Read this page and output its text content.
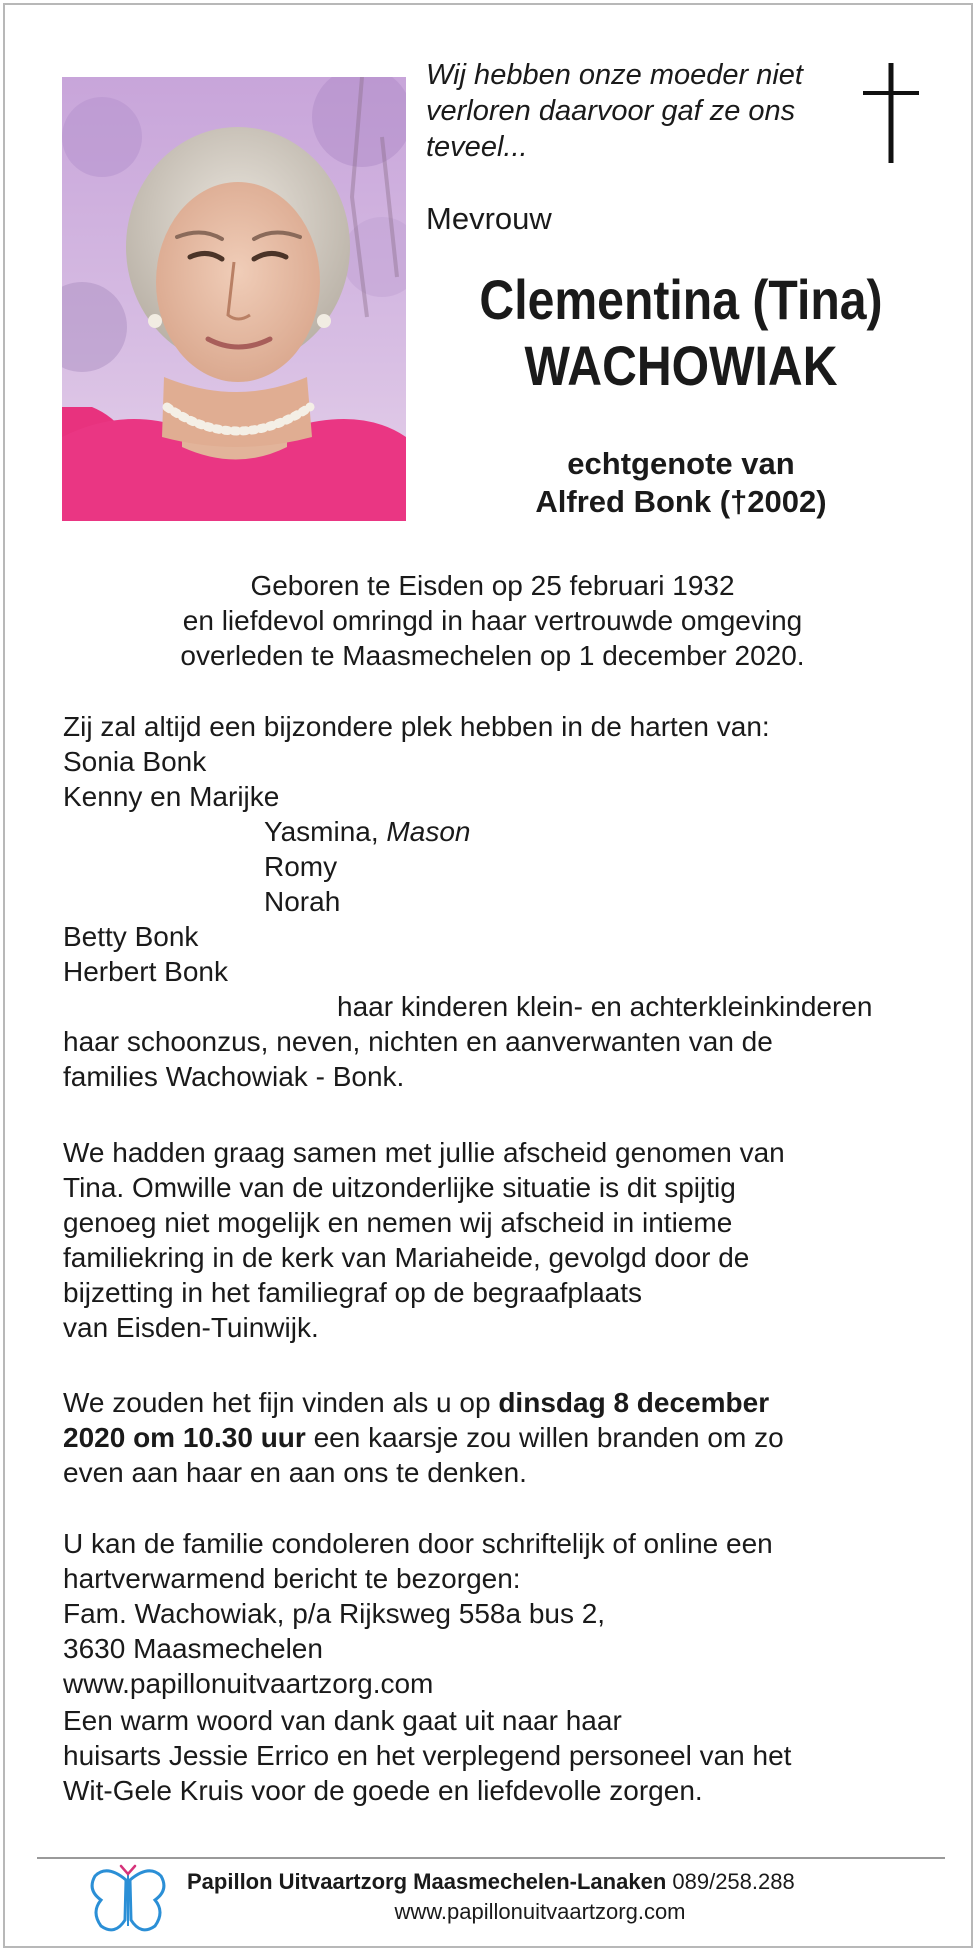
Wij hebben onze moeder niet
verloren daarvoor gaf ze ons
teveel...
Mevrouw
Clementina (Tina)
WACHOWIAK
echtgenote van
Alfred Bonk (†2002)
Geboren te Eisden op 25 februari 1932
en liefdevol omringd in haar vertrouwde omgeving
overleden te Maasmechelen op 1 december 2020.
Zij zal altijd een bijzondere plek hebben in de harten van:
Sonia Bonk
Kenny en Marijke
Yasmina, Mason
Romy
Norah
Betty Bonk
Herbert Bonk
haar kinderen klein- en achterkleinkinderen
haar schoonzus, neven, nichten en aanverwanten van de
families Wachowiak - Bonk.
We hadden graag samen met jullie afscheid genomen van
Tina. Omwille van de uitzonderlijke situatie is dit spijtig
genoeg niet mogelijk en nemen wij afscheid in intieme
familiekring in de kerk van Mariaheide, gevolgd door de
bijzetting in het familiegraf op de begraafplaats
van Eisden-Tuinwijk.
We zouden het fijn vinden als u op dinsdag 8 december
2020 om 10.30 uur een kaarsje zou willen branden om zo
even aan haar en aan ons te denken.
U kan de familie condoleren door schriftelijk of online een
hartverwarmend bericht te bezorgen:
Fam. Wachowiak, p/a Rijksweg 558a bus 2,
3630 Maasmechelen
www.papillonuitvaartzorg.com
Een warm woord van dank gaat uit naar haar
huisarts Jessie Errico en het verplegend personeel van het
Wit-Gele Kruis voor de goede en liefdevolle zorgen.
Papillon Uitvaartzorg Maasmechelen-Lanaken 089/258.288
www.papillonuitvaartzorg.com
